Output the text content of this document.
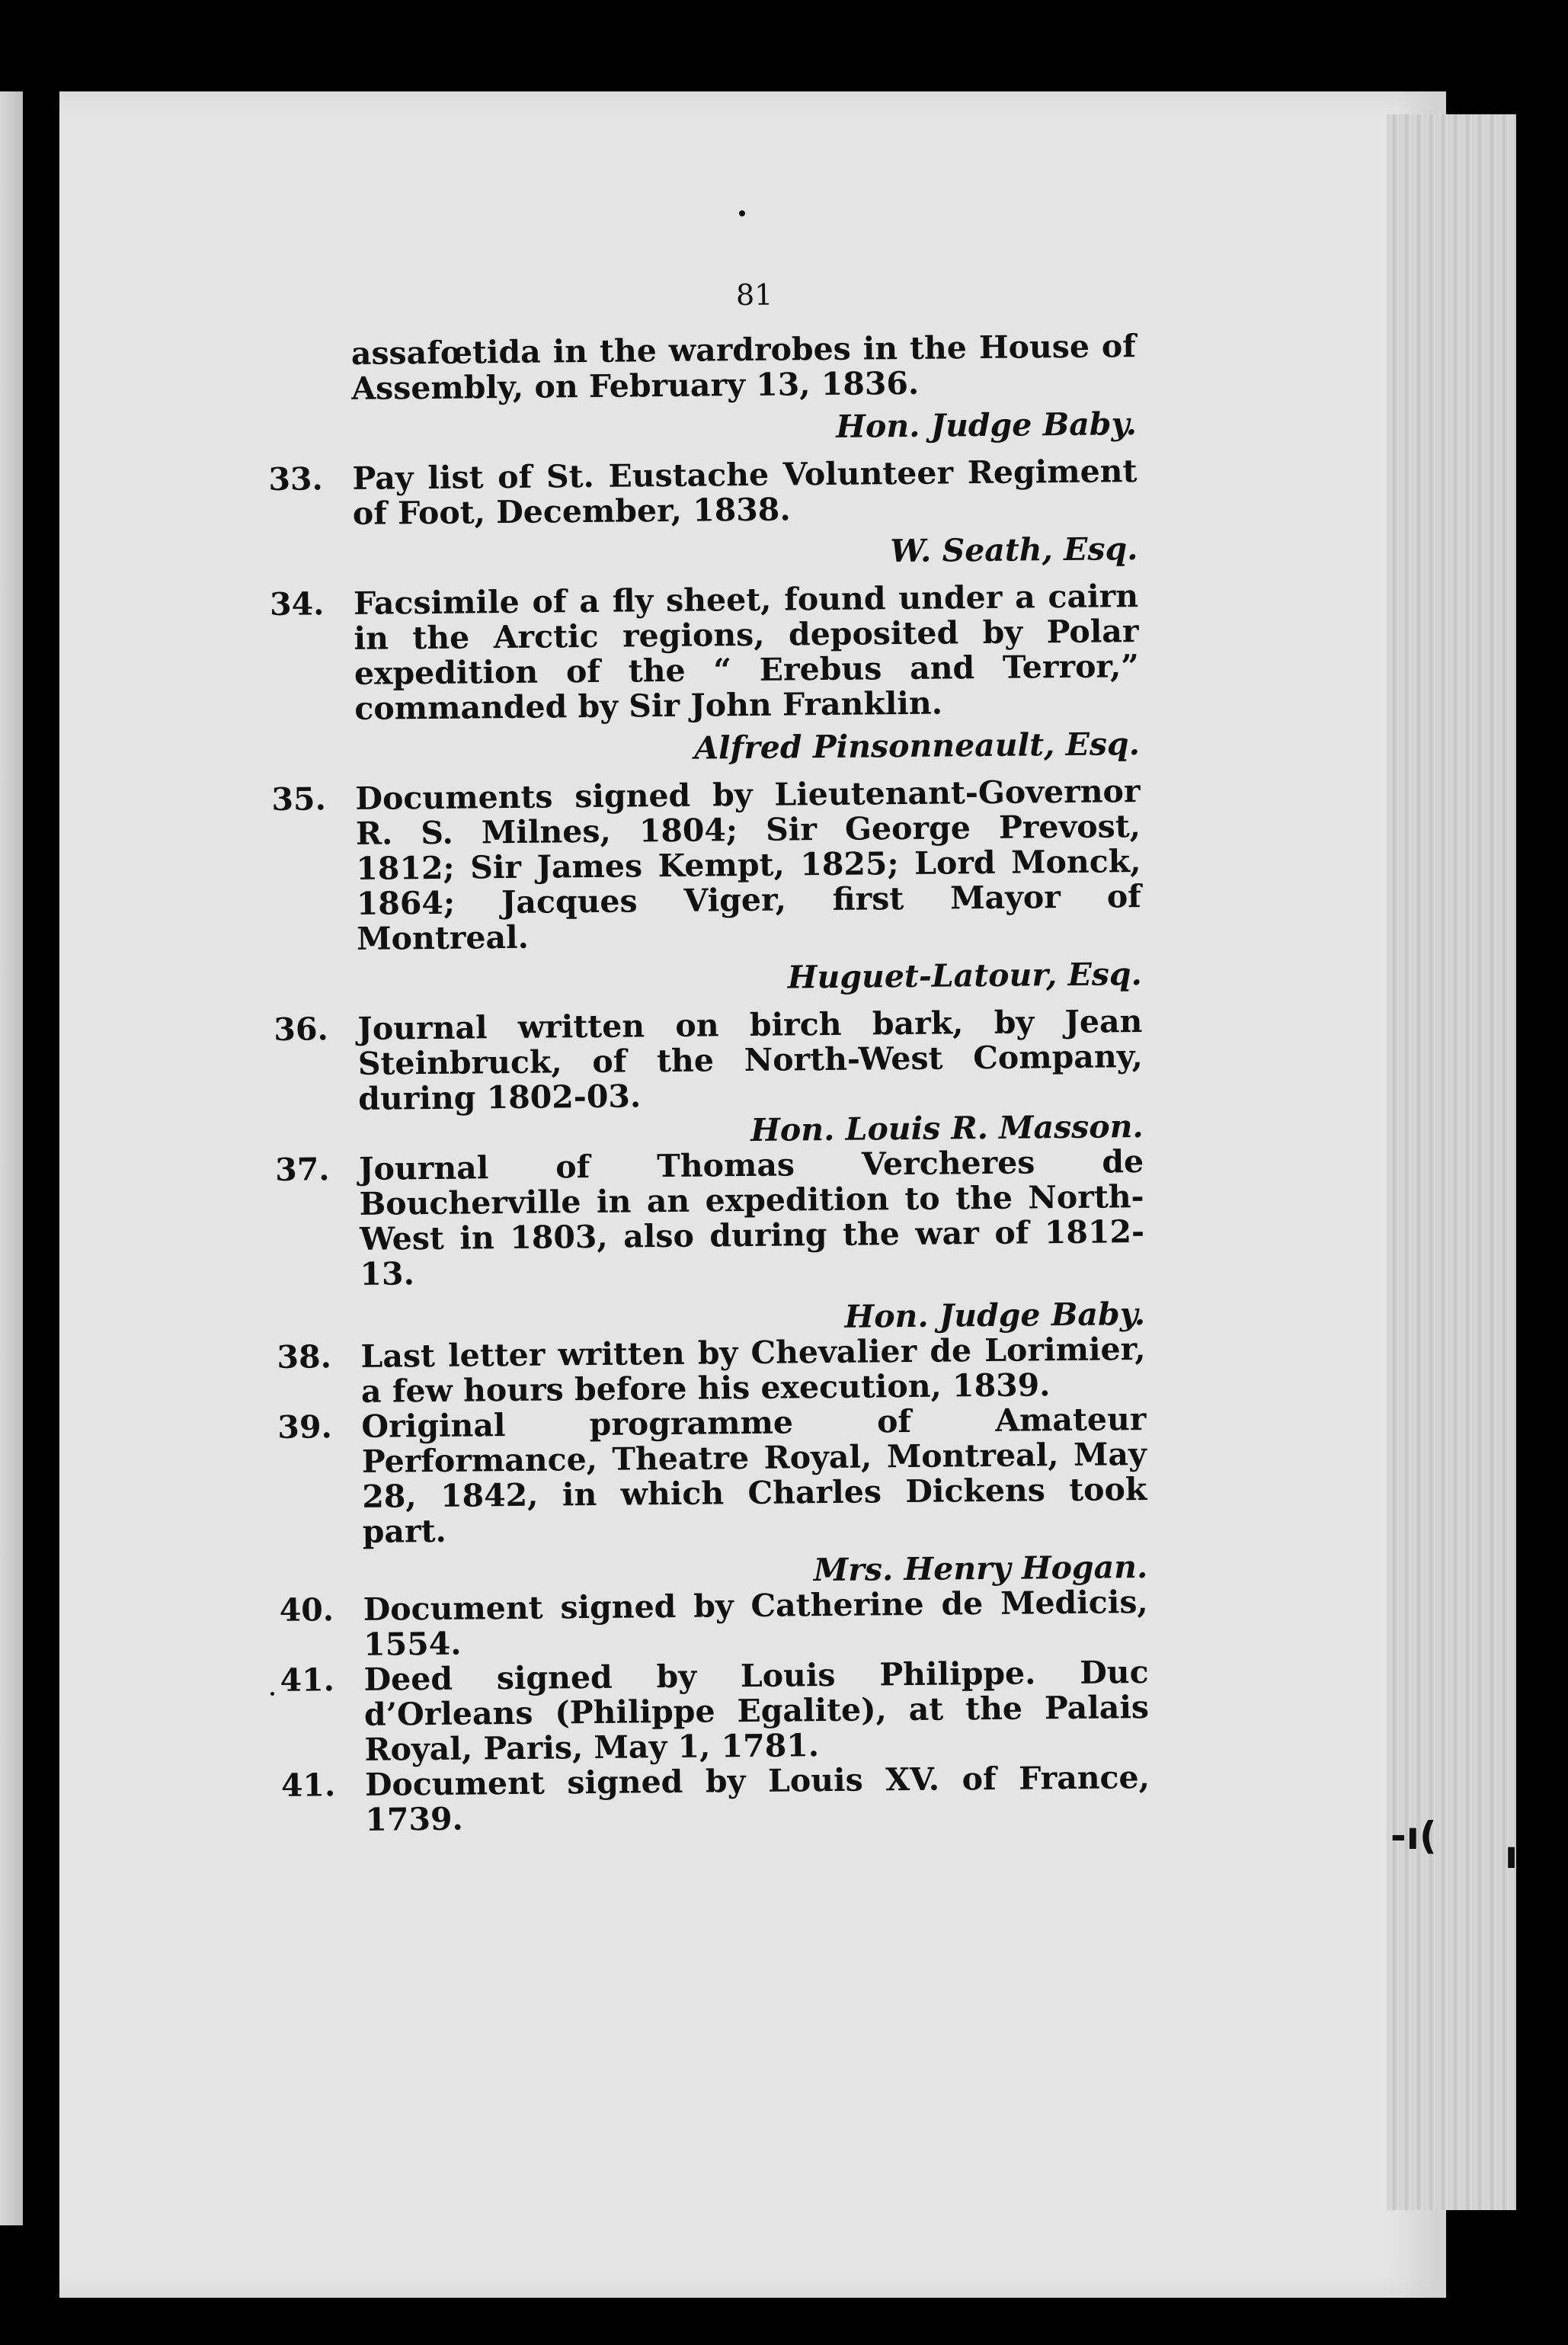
-ı( ı
81
assafœtida in the wardrobes in the House of Assembly, on February 13, 1836.
Hon. Judge Baby.
33. Pay list of St. Eustache Volunteer Regiment of Foot, December, 1838.
W. Seath, Esq.
34. Facsimile of a fly sheet, found under a cairn in the Arctic regions, deposited by Polar expedition of the “ Erebus and Terror,” commanded by Sir John Franklin.
Alfred Pinsonneault, Esq.
35. Documents signed by Lieutenant-Governor R. S. Milnes, 1804; Sir George Prevost, 1812; Sir James Kempt, 1825; Lord Monck, 1864; Jacques Viger, first Mayor of Montreal.
Huguet-Latour, Esq.
36. Journal written on birch bark, by Jean Steinbruck, of the North-West Company, during 1802-03.
Hon. Louis R. Masson.
37. Journal of Thomas Vercheres de Boucherville in an expedition to the North-West in 1803, also during the war of 1812-13.
Hon. Judge Baby.
38. Last letter written by Chevalier de Lorimier, a few hours before his execution, 1839.
39. Original programme of Amateur Performance, Theatre Royal, Montreal, May 28, 1842, in which Charles Dickens took part.
Mrs. Henry Hogan.
40. Document signed by Catherine de Medicis, 1554.
41. Deed signed by Louis Philippe. Duc d’Orleans (Philippe Egalite), at the Palais Royal, Paris, May 1, 1781.
41. Document signed by Louis XV. of France, 1739.
